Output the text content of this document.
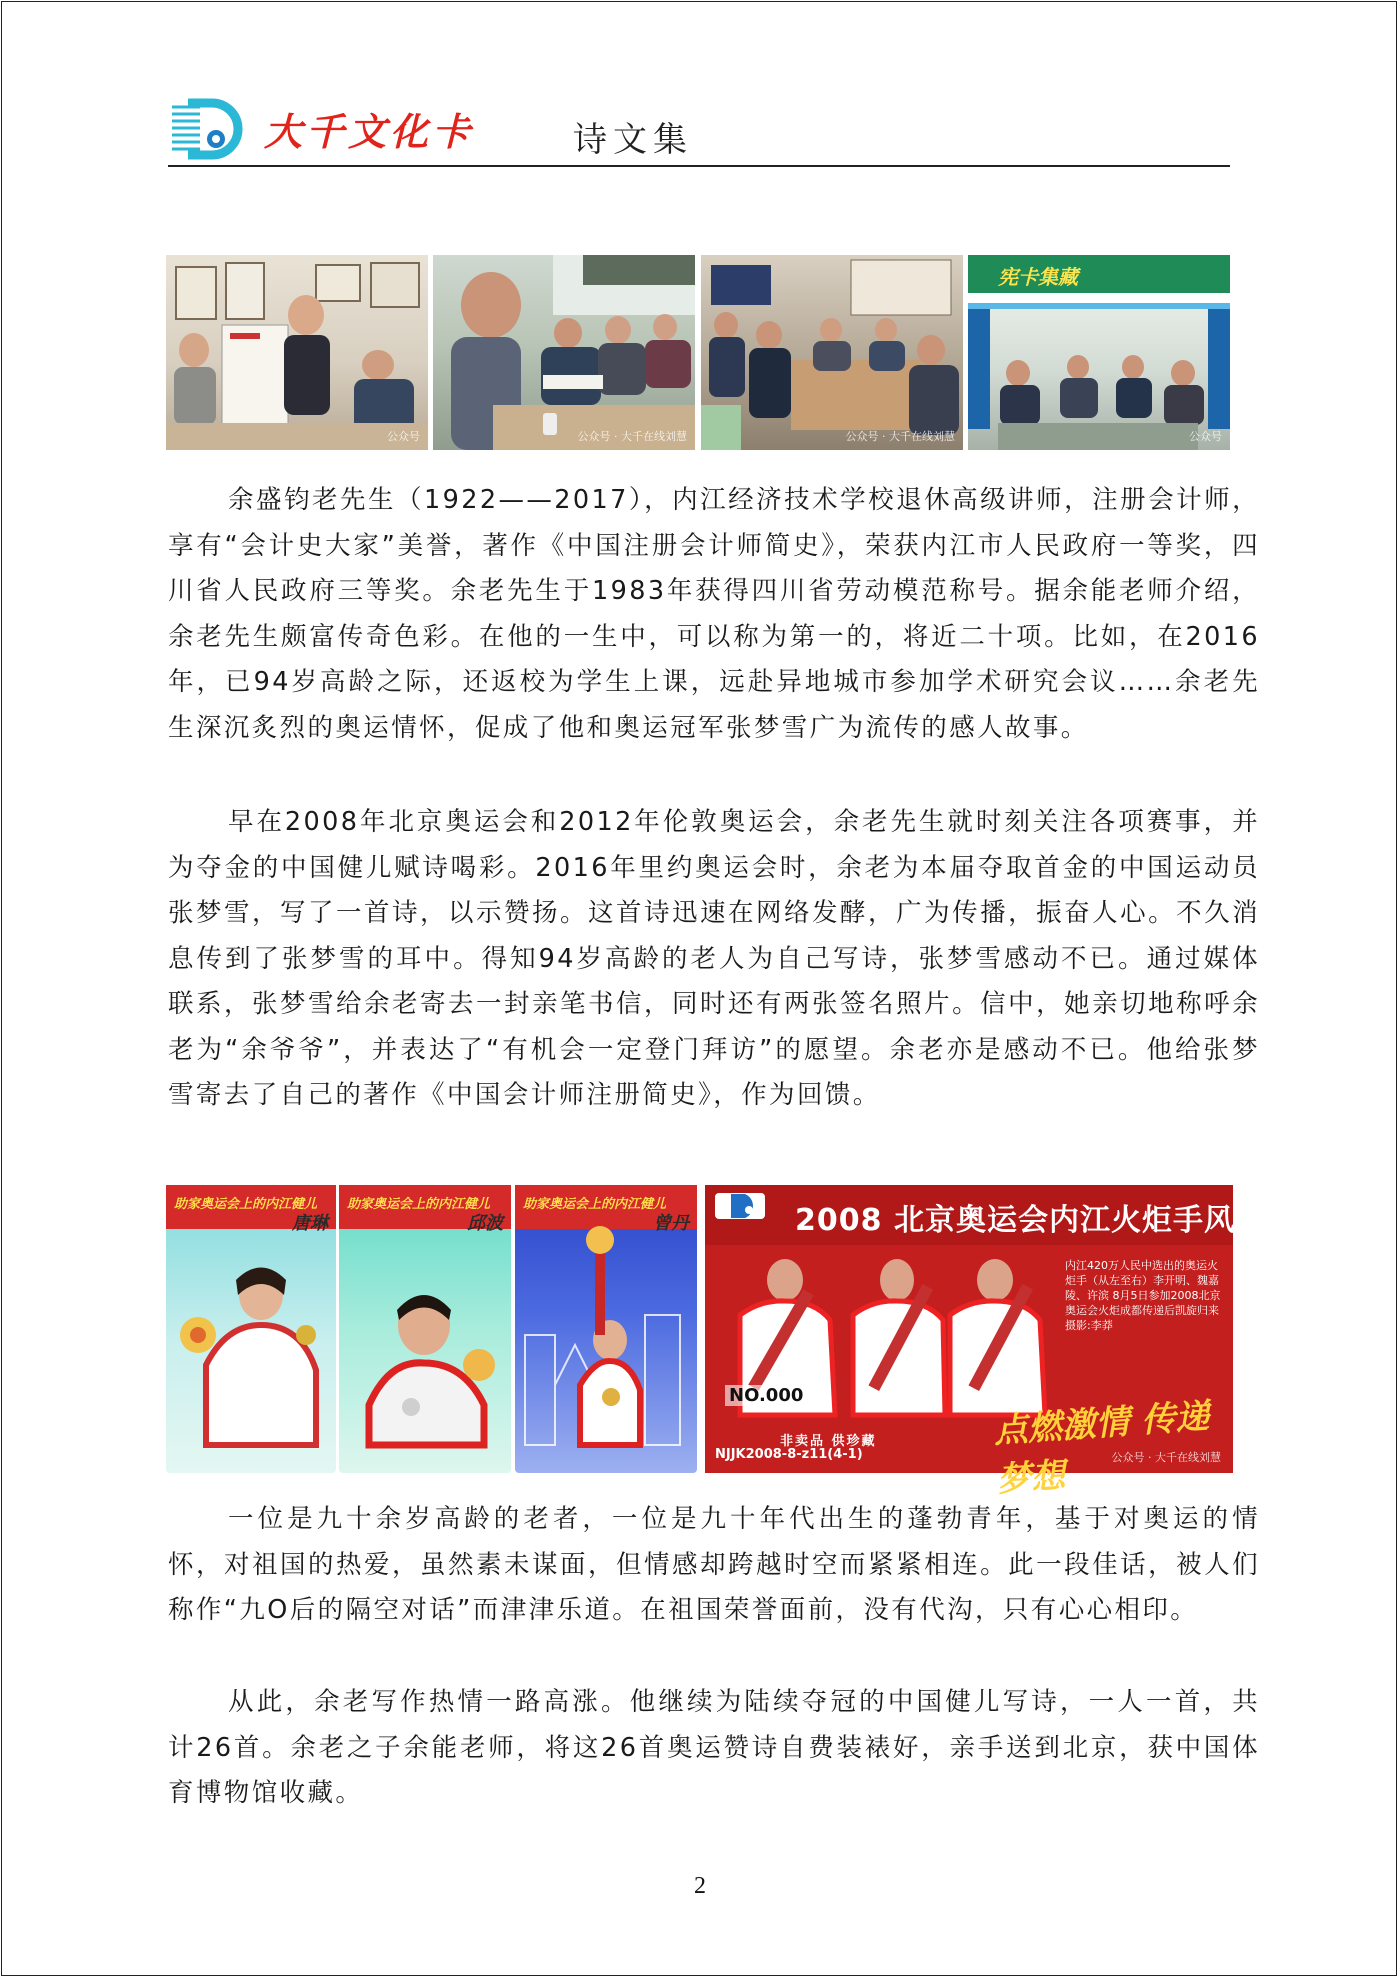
大千文化卡	诗文集
公众号	公众号 · 大千在线刘慧	公众号 · 大千在线刘慧
宪卡集藏
公众号

余盛钧老先生（1922——2017），内江经济技术学校退休高级讲师，注册会计师，享有“会计史大家”美誉，著作《中国注册会计师简史》，荣获内江市人民政府一等奖，四川省人民政府三等奖。余老先生于1983年获得四川省劳动模范称号。据余能老师介绍，余老先生颇富传奇色彩。在他的一生中，可以称为第一的，将近二十项。比如，在2016年，已94岁高龄之际，还返校为学生上课，远赴异地城市参加学术研究会议……余老先生深沉炙烈的奥运情怀，促成了他和奥运冠军张梦雪广为流传的感人故事。

早在2008年北京奥运会和2012年伦敦奥运会，余老先生就时刻关注各项赛事，并为夺金的中国健儿赋诗喝彩。2016年里约奥运会时，余老为本届夺取首金的中国运动员张梦雪，写了一首诗，以示赞扬。这首诗迅速在网络发酵，广为传播，振奋人心。不久消息传到了张梦雪的耳中。得知94岁高龄的老人为自己写诗，张梦雪感动不已。通过媒体联系，张梦雪给余老寄去一封亲笔书信，同时还有两张签名照片。信中，她亲切地称呼余老为“余爷爷”，并表达了“有机会一定登门拜访”的愿望。余老亦是感动不已。他给张梦雪寄去了自己的著作《中国会计师注册简史》，作为回馈。

助家奥运会上的内江健儿
唐琳
助家奥运会上的内江健儿
邱波
助家奥运会上的内江健儿
曾丹	2008 北京奥运会内江火炬手风采
内江420万人民中选出的奥运火炬手（从左至右）李开明、魏嘉陵、许滨 8月5日参加2008北京奥运会火炬成都传递后凯旋归来
摄影:李莽
NO.000
点燃激情 传递梦想
非卖品 供珍藏
NJJK2008-8-z11(4-1)	公众号 · 大千在线刘慧

一位是九十余岁高龄的老者，一位是九十年代出生的蓬勃青年，基于对奥运的情怀，对祖国的热爱，虽然素未谋面，但情感却跨越时空而紧紧相连。此一段佳话，被人们称作“九O后的隔空对话”而津津乐道。在祖国荣誉面前，没有代沟，只有心心相印。

从此，余老写作热情一路高涨。他继续为陆续夺冠的中国健儿写诗，一人一首，共计26首。余老之子余能老师，将这26首奥运赞诗自费装裱好，亲手送到北京，获中国体育博物馆收藏。

2
